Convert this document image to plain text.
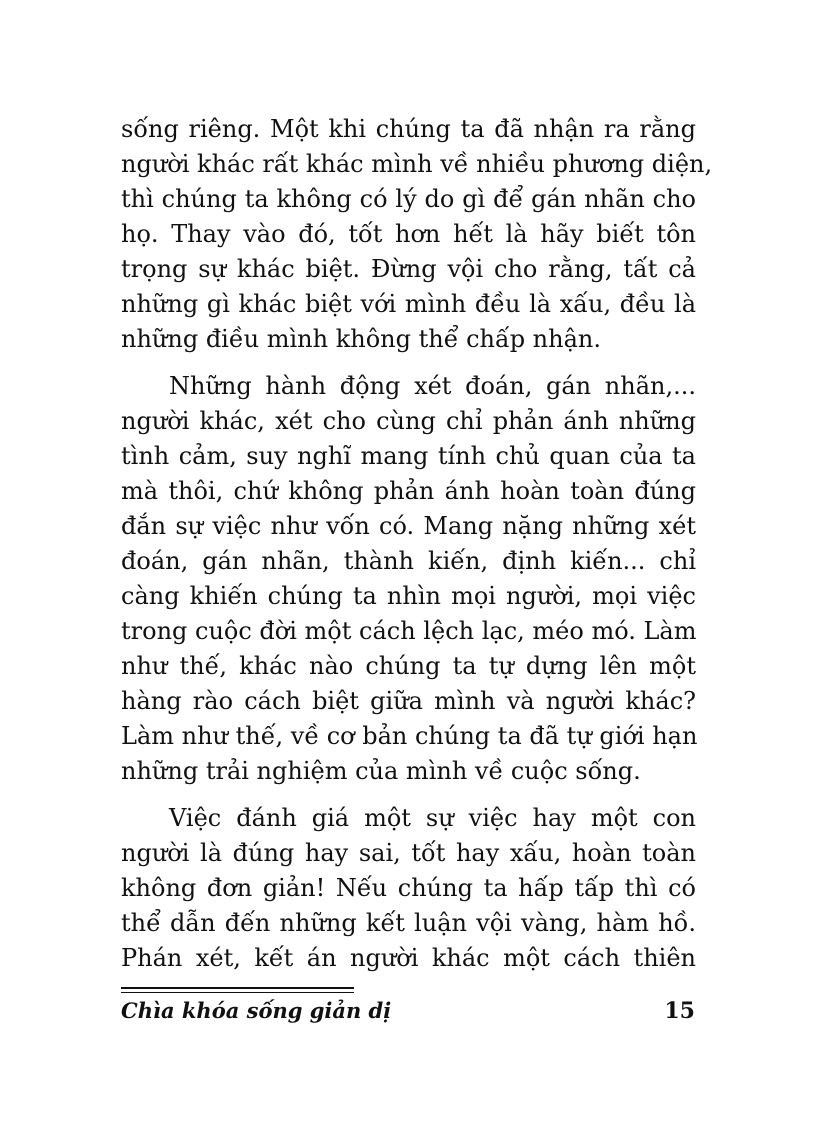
sống riêng. Một khi chúng ta đã nhận ra rằng
người khác rất khác mình về nhiều phương diện,
thì chúng ta không có lý do gì để gán nhãn cho
họ. Thay vào đó, tốt hơn hết là hãy biết tôn
trọng sự khác biệt. Đừng vội cho rằng, tất cả
những gì khác biệt với mình đều là xấu, đều là
những điều mình không thể chấp nhận.
Những hành động xét đoán, gán nhãn,...
người khác, xét cho cùng chỉ phản ánh những
tình cảm, suy nghĩ mang tính chủ quan của ta
mà thôi, chứ không phản ánh hoàn toàn đúng
đắn sự việc như vốn có. Mang nặng những xét
đoán, gán nhãn, thành kiến, định kiến... chỉ
càng khiến chúng ta nhìn mọi người, mọi việc
trong cuộc đời một cách lệch lạc, méo mó. Làm
như thế, khác nào chúng ta tự dựng lên một
hàng rào cách biệt giữa mình và người khác?
Làm như thế, về cơ bản chúng ta đã tự giới hạn
những trải nghiệm của mình về cuộc sống.
Việc đánh giá một sự việc hay một con
người là đúng hay sai, tốt hay xấu, hoàn toàn
không đơn giản! Nếu chúng ta hấp tấp thì có
thể dẫn đến những kết luận vội vàng, hàm hồ.
Phán xét, kết án người khác một cách thiên
Chìa khóa sống giản dị	15
